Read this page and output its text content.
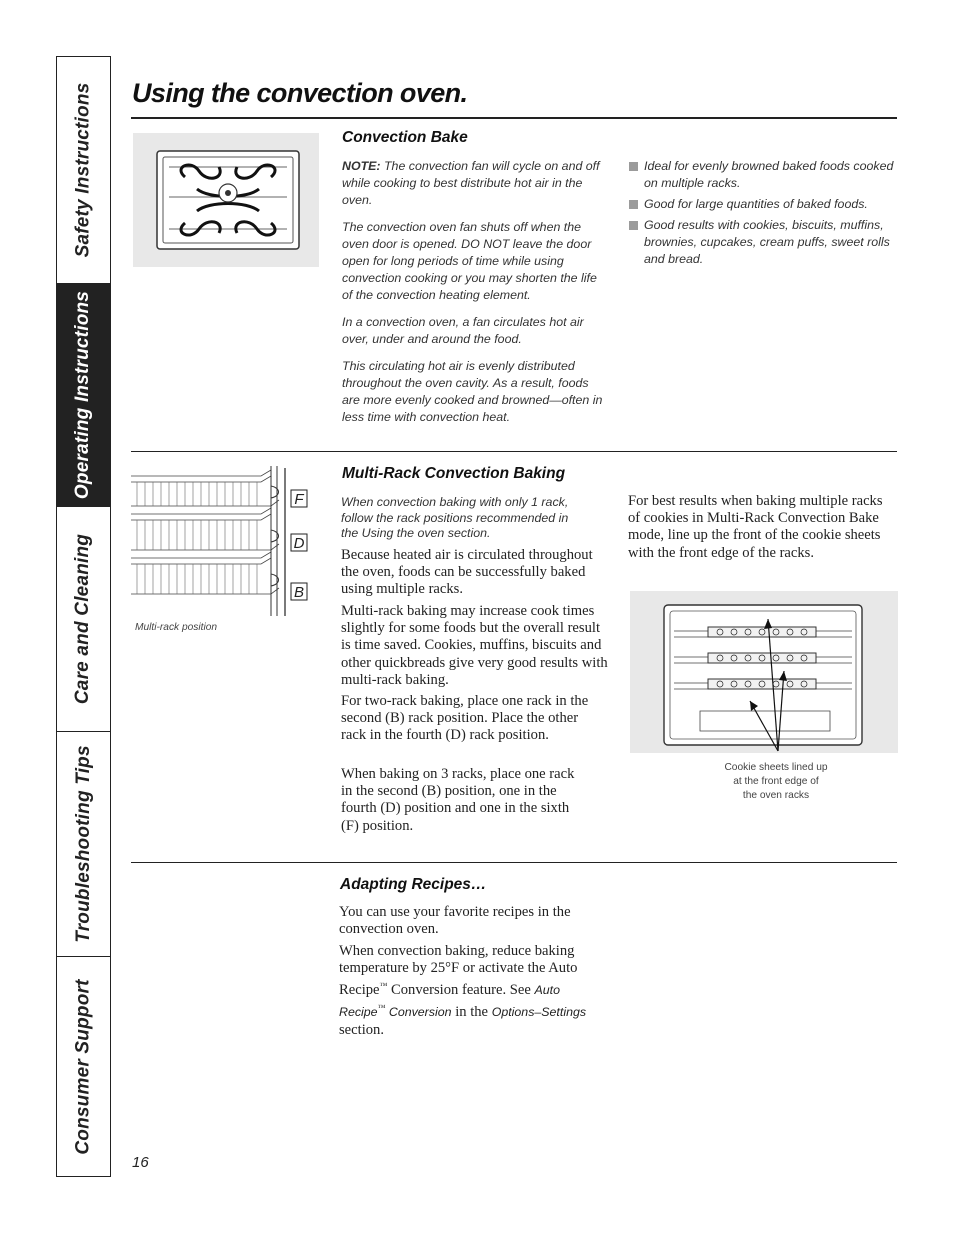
Safety Instructions
Operating Instructions
Care and Cleaning
Troubleshooting Tips
Consumer Support
Using the convection oven.
Convection Bake

NOTE: The convection fan will cycle on and off while cooking to best distribute hot air in the oven.

The convection oven fan shuts off when the oven door is opened. DO NOT leave the door open for long periods of time while using convection cooking or you may shorten the life of the convection heating element.

In a convection oven, a fan circulates hot air over, under and around the food.

This circulating hot air is evenly distributed throughout the oven cavity. As a result, foods are more evenly cooked and browned—often in less time with convection heat.

Ideal for evenly browned baked foods cooked on multiple racks.
Good for large quantities of baked foods.
Good results with cookies, biscuits, muffins, brownies, cupcakes, cream puffs, sweet rolls and bread.
F
D
B
Multi-rack position
Multi-Rack Convection Baking

When convection baking with only 1 rack, follow the rack positions recommended in the Using the oven section.

Because heated air is circulated throughout the oven, foods can be successfully baked using multiple racks.

Multi-rack baking may increase cook times slightly for some foods but the overall result is time saved. Cookies, muffins, biscuits and other quickbreads give very good results with multi-rack baking.

For two-rack baking, place one rack in the second (B) rack position. Place the other rack in the fourth (D) rack position.

When baking on 3 racks, place one rack in the second (B) position, one in the fourth (D) position and one in the sixth (F) position.

For best results when baking multiple racks of cookies in Multi-Rack Convection Bake mode, line up the front of the cookie sheets with the front edge of the racks.

Cookie sheets lined up
at the front edge of
the oven racks
Adapting Recipes…

You can use your favorite recipes in the convection oven.

When convection baking, reduce baking temperature by 25°F or activate the Auto Recipe™ Conversion feature. See Auto Recipe™ Conversion in the Options–Settings section.

16
